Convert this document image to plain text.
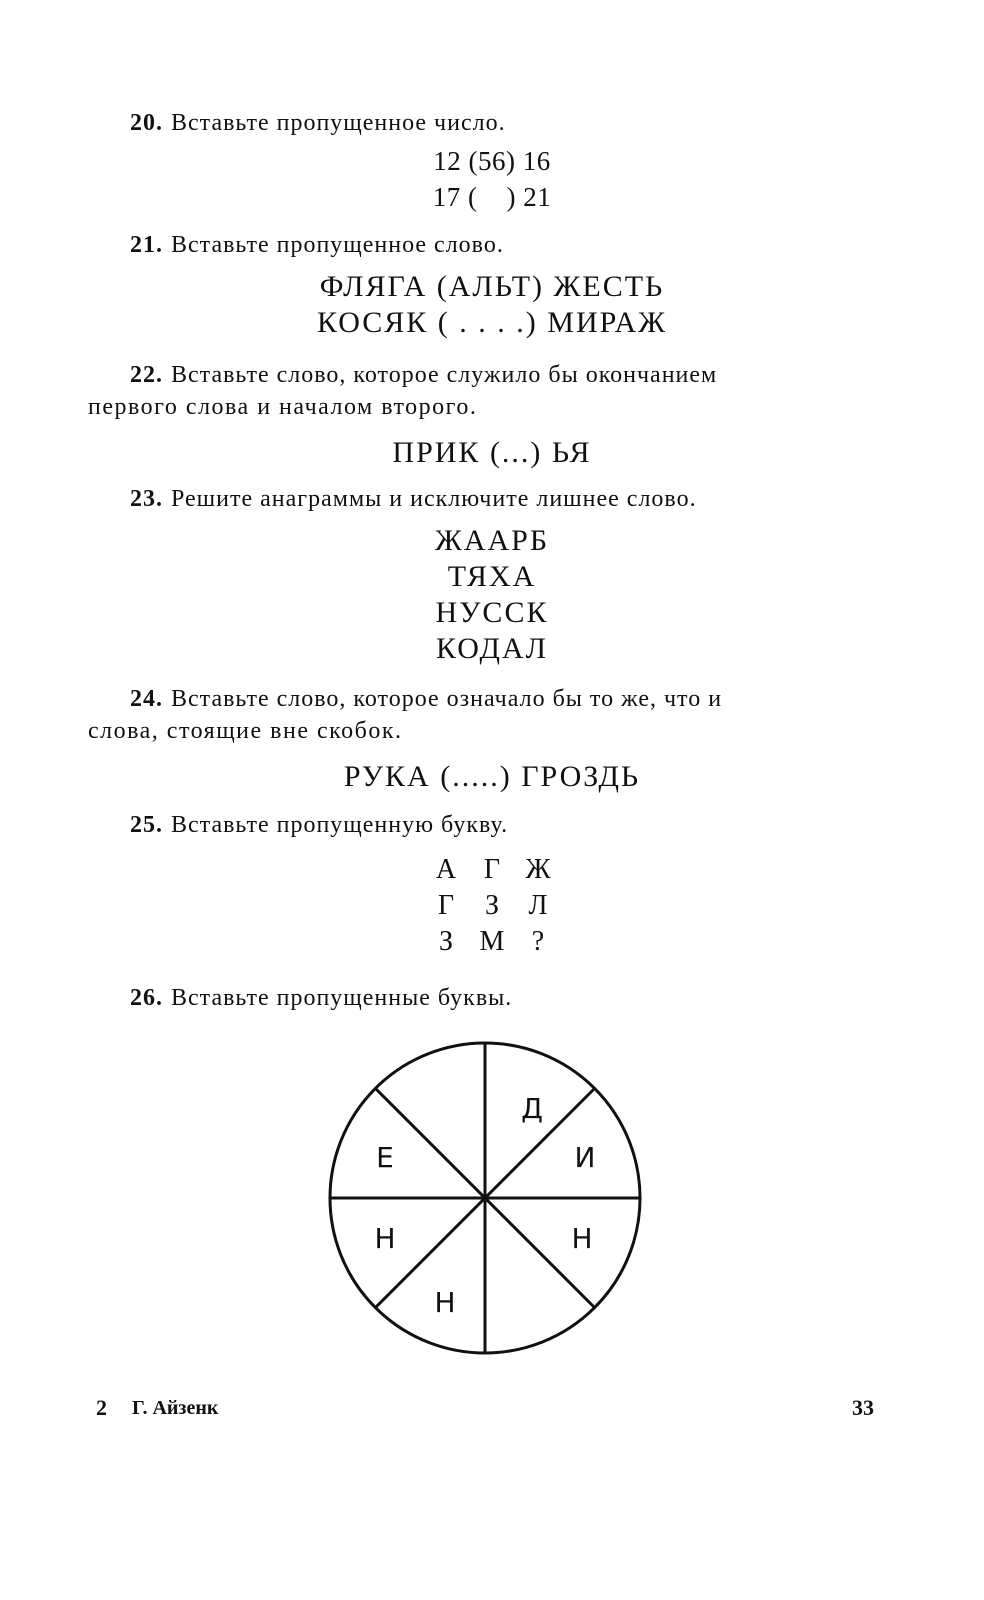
20. Вставьте пропущенное число.
12 (56) 16
17 (    ) 21
21. Вставьте пропущенное слово.
ФЛЯГА (АЛЬТ) ЖЕСТЬ
КОСЯК ( . . . .) МИРАЖ
22. Вставьте слово, которое служило бы окончанием
первого слова и началом второго.
ПРИК (...) ЬЯ
23. Решите анаграммы и исключите лишнее слово.
ЖААРБ
ТЯХА
НУССК
КОДАЛ
24. Вставьте слово, которое означало бы то же, что и
слова, стоящие вне скобок.
РУКА (.....) ГРОЗДЬ
25. Вставьте пропущенную букву.
А Г Ж
Г З Л
З М ?
26. Вставьте пропущенные буквы.
Д
И
Н
Н
Н
Е
2 Г. Айзенк	33
